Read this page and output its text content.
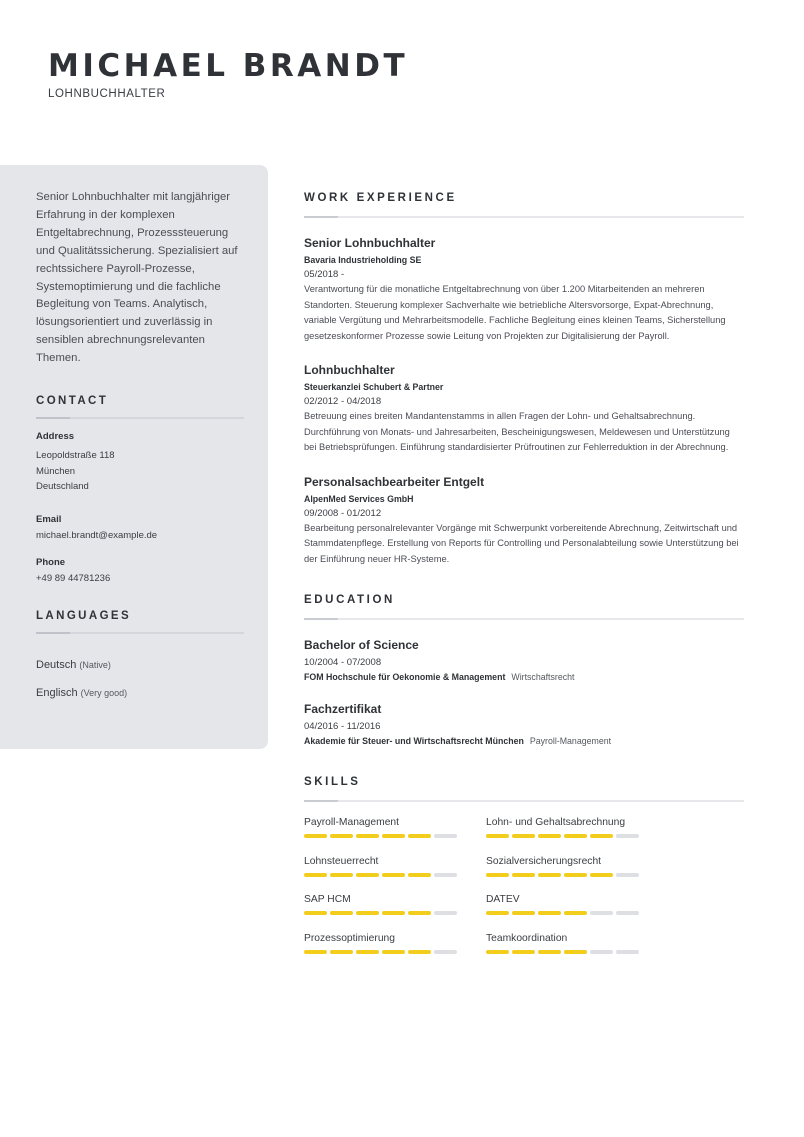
MICHAEL BRANDT
LOHNBUCHHALTER

Senior Lohnbuchhalter mit langjähriger Erfahrung in der komplexen Entgeltabrechnung, Prozesssteuerung und Qualitätssicherung. Spezialisiert auf rechtssichere Payroll-Prozesse, Systemoptimierung und die fachliche Begleitung von Teams. Analytisch, lösungsorientiert und zuverlässig in sensiblen abrechnungsrelevanten Themen.

CONTACT

Address

Leopoldstraße 118

München

Deutschland

Email

michael.brandt@example.de

Phone

+49 89 44781236

LANGUAGES

Deutsch (Native)

Englisch (Very good)

WORK EXPERIENCE

Senior Lohnbuchhalter

Bavaria Industrieholding SE

05/2018 -

Verantwortung für die monatliche Entgeltabrechnung von über 1.200 Mitarbeitenden an mehreren Standorten. Steuerung komplexer Sachverhalte wie betriebliche Altersvorsorge, Expat-Abrechnung, variable Vergütung und Mehrarbeitsmodelle. Fachliche Begleitung eines kleinen Teams, Sicherstellung gesetzeskonformer Prozesse sowie Leitung von Projekten zur Digitalisierung der Payroll.

Lohnbuchhalter

Steuerkanzlei Schubert & Partner

02/2012 - 04/2018

Betreuung eines breiten Mandantenstamms in allen Fragen der Lohn- und Gehaltsabrechnung. Durchführung von Monats- und Jahresarbeiten, Bescheinigungswesen, Meldewesen und Unterstützung bei Betriebsprüfungen. Einführung standardisierter Prüfroutinen zur Fehlerreduktion in der Abrechnung.

Personalsachbearbeiter Entgelt

AlpenMed Services GmbH

09/2008 - 01/2012

Bearbeitung personalrelevanter Vorgänge mit Schwerpunkt vorbereitende Abrechnung, Zeitwirtschaft und Stammdatenpflege. Erstellung von Reports für Controlling und Personalabteilung sowie Unterstützung bei der Einführung neuer HR-Systeme.

EDUCATION

Bachelor of Science

10/2004 - 07/2008

FOM Hochschule für Oekonomie & Management Wirtschaftsrecht

Fachzertifikat

04/2016 - 11/2016

Akademie für Steuer- und Wirtschaftsrecht München Payroll-Management

SKILLS

Payroll-Management	Lohn- und Gehaltsabrechnung

Lohnsteuerrecht	Sozialversicherungsrecht

SAP HCM	DATEV

Prozessoptimierung	Teamkoordination
